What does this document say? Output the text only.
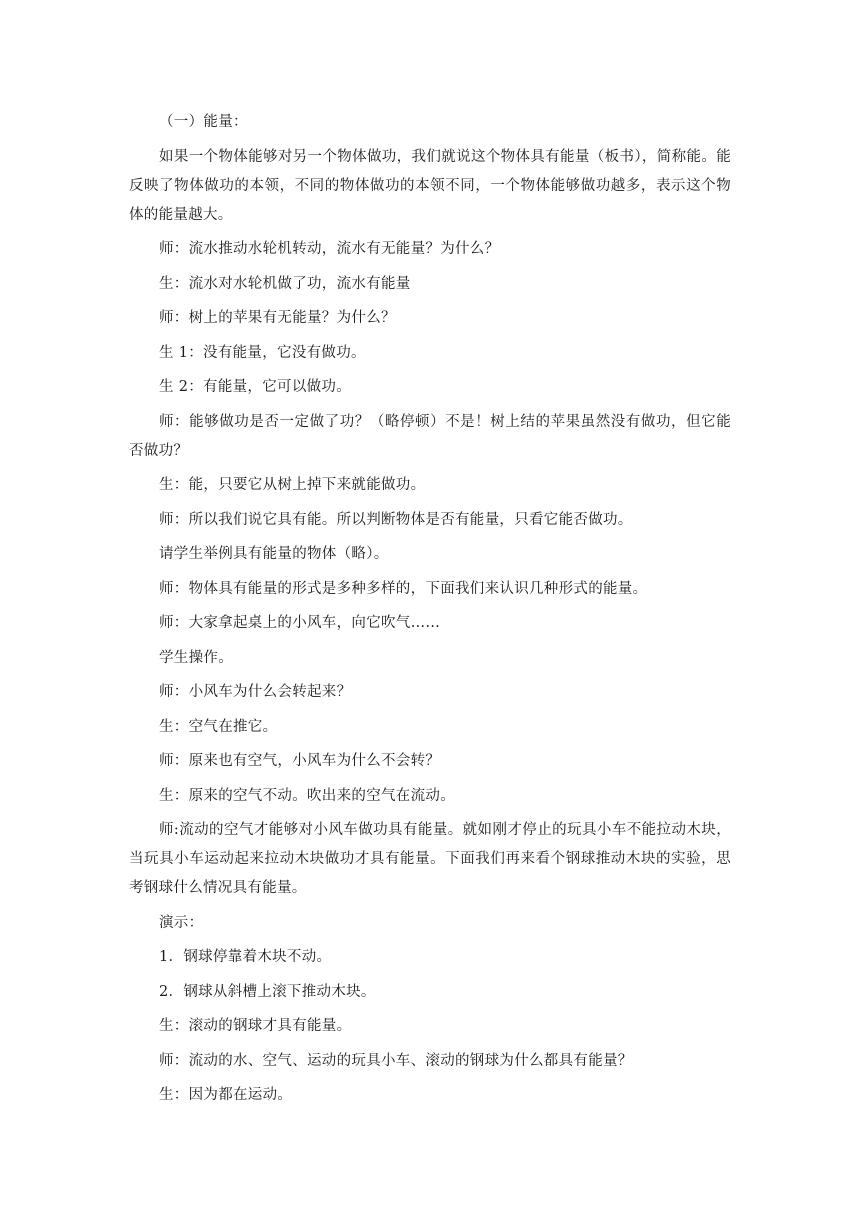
（一）能量：

如果一个物体能够对另一个物体做功，我们就说这个物体具有能量（板书），简称能。能反映了物体做功的本领，不同的物体做功的本领不同，一个物体能够做功越多，表示这个物体的能量越大。

师：流水推动水轮机转动，流水有无能量？为什么？

生：流水对水轮机做了功，流水有能量

师：树上的苹果有无能量？为什么？

生 1：没有能量，它没有做功。

生 2：有能量，它可以做功。

师：能够做功是否一定做了功？（略停顿）不是！树上结的苹果虽然没有做功，但它能否做功？

生：能，只要它从树上掉下来就能做功。

师：所以我们说它具有能。所以判断物体是否有能量，只看它能否做功。

请学生举例具有能量的物体（略）。

师：物体具有能量的形式是多种多样的，下面我们来认识几种形式的能量。

师：大家拿起桌上的小风车，向它吹气……

学生操作。

师：小风车为什么会转起来？

生：空气在推它。

师：原来也有空气，小风车为什么不会转？

生：原来的空气不动。吹出来的空气在流动。

师:流动的空气才能够对小风车做功具有能量。就如刚才停止的玩具小车不能拉动木块，当玩具小车运动起来拉动木块做功才具有能量。下面我们再来看个钢球推动木块的实验，思考钢球什么情况具有能量。

演示：

1．钢球停靠着木块不动。

2．钢球从斜槽上滚下推动木块。

生：滚动的钢球才具有能量。

师：流动的水、空气、运动的玩具小车、滚动的钢球为什么都具有能量？

生：因为都在运动。
